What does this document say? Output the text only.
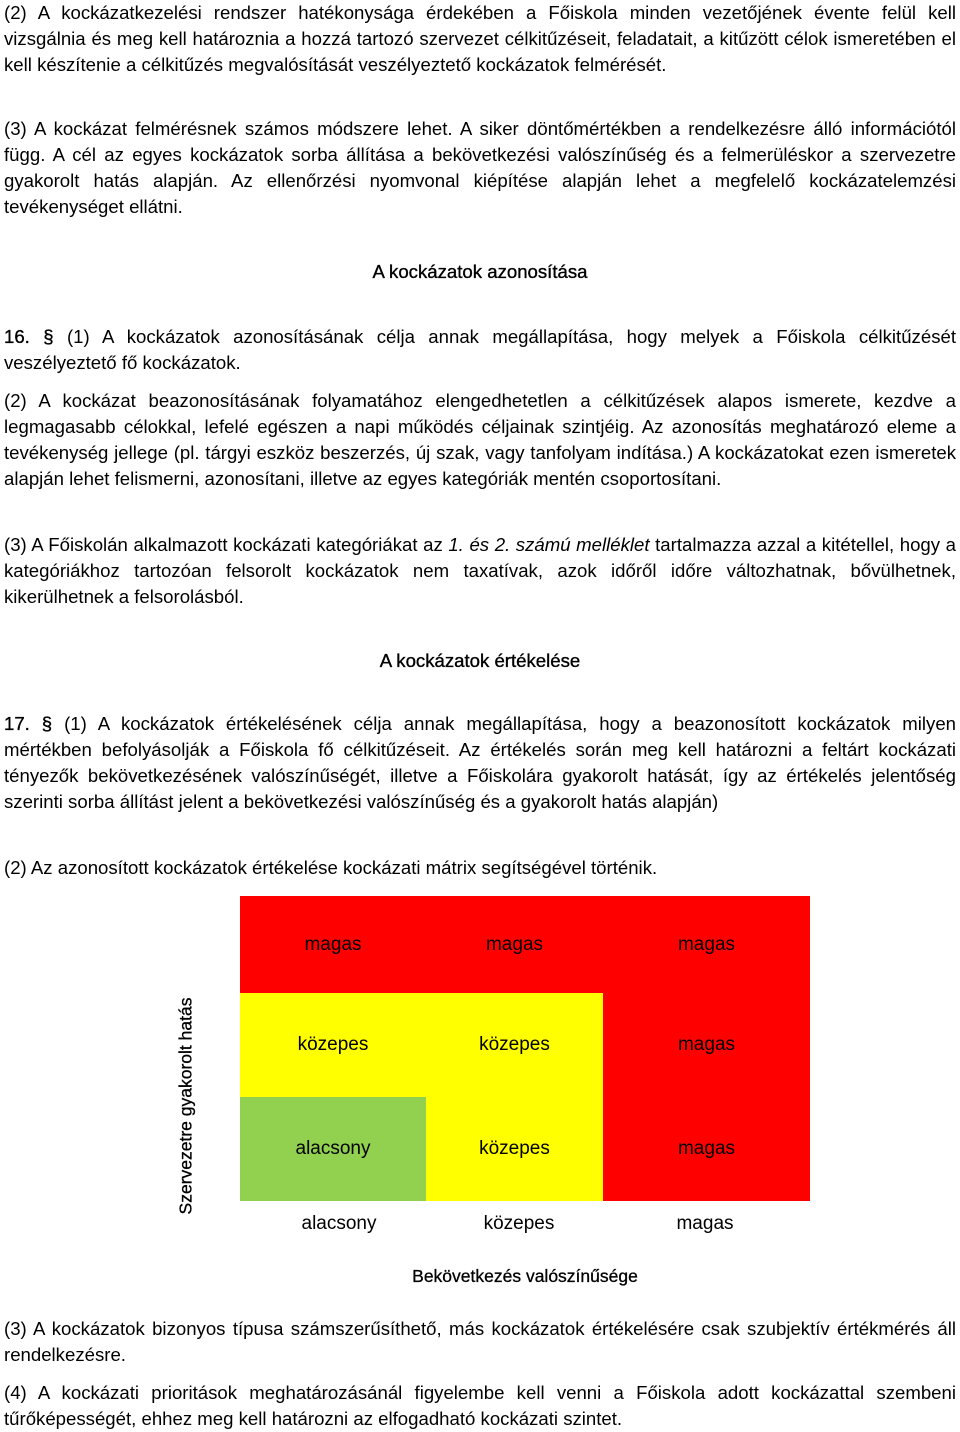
(2) A kockázatkezelési rendszer hatékonysága érdekében a Főiskola minden vezetőjének évente felül kell vizsgálnia és meg kell határoznia a hozzá tartozó szervezet célkitűzéseit, feladatait, a kitűzött célok ismeretében el kell készítenie a célkitűzés megvalósítását veszélyeztető kockázatok felmérését.

(3) A kockázat felmérésnek számos módszere lehet. A siker döntőmértékben a rendelkezésre álló információtól függ. A cél az egyes kockázatok sorba állítása a bekövetkezési valószínűség és a felmerüléskor a szervezetre gyakorolt hatás alapján. Az ellenőrzési nyomvonal kiépítése alapján lehet a megfelelő kockázatelemzési tevékenységet ellátni.

A kockázatok azonosítása

16. § (1) A kockázatok azonosításának célja annak megállapítása, hogy melyek a Főiskola célkitűzését veszélyeztető fő kockázatok.

(2) A kockázat beazonosításának folyamatához elengedhetetlen a célkitűzések alapos ismerete, kezdve a legmagasabb célokkal, lefelé egészen a napi működés céljainak szintjéig. Az azonosítás meghatározó eleme a tevékenység jellege (pl. tárgyi eszköz beszerzés, új szak, vagy tanfolyam indítása.) A kockázatokat ezen ismeretek alapján lehet felismerni, azonosítani, illetve az egyes kategóriák mentén csoportosítani.

(3) A Főiskolán alkalmazott kockázati kategóriákat az 1. és 2. számú melléklet tartalmazza azzal a kitétellel, hogy a kategóriákhoz tartozóan felsorolt kockázatok nem taxatívak, azok időről időre változhatnak, bővülhetnek, kikerülhetnek a felsorolásból.

A kockázatok értékelése

17. § (1) A kockázatok értékelésének célja annak megállapítása, hogy a beazonosított kockázatok milyen mértékben befolyásolják a Főiskola fő célkitűzéseit. Az értékelés során meg kell határozni a feltárt kockázati tényezők bekövetkezésének valószínűségét, illetve a Főiskolára gyakorolt hatását, így az értékelés jelentőség szerinti sorba állítást jelent a bekövetkezési valószínűség és a gyakorolt hatás alapján)

(2) Az azonosított kockázatok értékelése kockázati mátrix segítségével történik.

(3) A kockázatok bizonyos típusa számszerűsíthető, más kockázatok értékelésére csak szubjektív értékmérés áll rendelkezésre.

(4) A kockázati prioritások meghatározásánál figyelembe kell venni a Főiskola adott kockázattal szembeni tűrőképességét, ehhez meg kell határozni az elfogadható kockázati szintet.

Szervezetre gyakorolt hatás
magas	magas	magas
közepes	közepes	magas
alacsony	közepes	magas
alacsony	közepes	magas
Bekövetkezés valószínűsége
